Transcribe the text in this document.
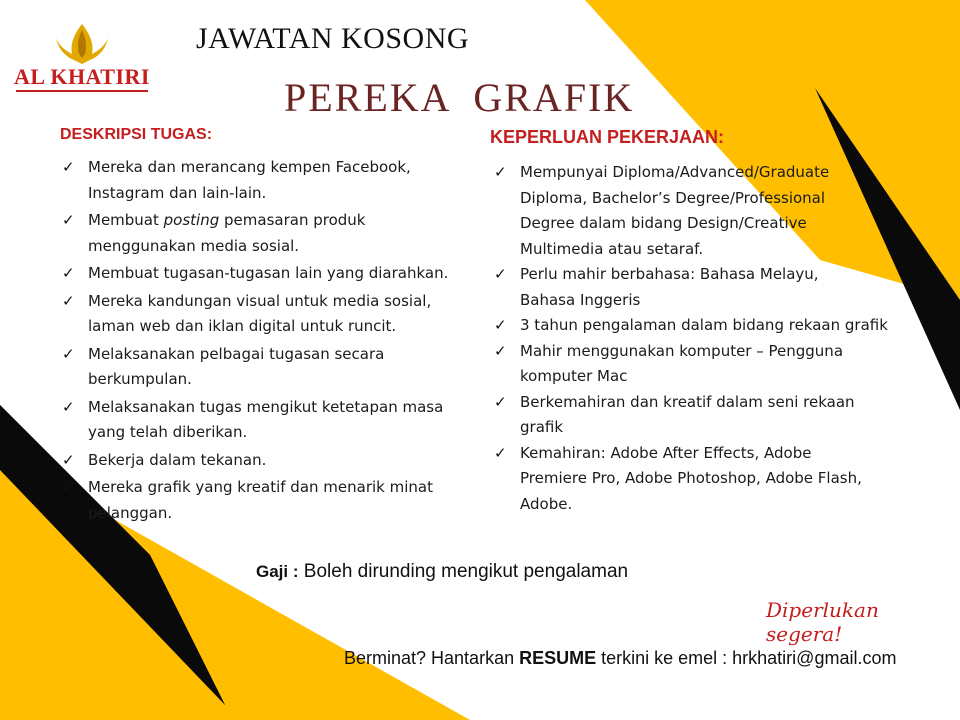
AL KHATIRI
JAWATAN KOSONG
PEREKA  GRAFIK
DESKRIPSI TUGAS:
✓ Mereka dan merancang kempen Facebook,
Instagram dan lain-lain.
✓ Membuat posting pemasaran produk
menggunakan media sosial.
✓ Membuat tugasan-tugasan lain yang diarahkan.
✓ Mereka kandungan visual untuk media sosial,
laman web dan iklan digital untuk runcit.
✓ Melaksanakan pelbagai tugasan secara
berkumpulan.
✓ Melaksanakan tugas mengikut ketetapan masa
yang telah diberikan.
✓ Bekerja dalam tekanan.
✓ Mereka grafik yang kreatif dan menarik minat
pelanggan.
KEPERLUAN PEKERJAAN:
✓ Mempunyai Diploma/Advanced/Graduate
Diploma, Bachelor’s Degree/Professional
Degree dalam bidang Design/Creative
Multimedia atau setaraf.
✓ Perlu mahir berbahasa: Bahasa Melayu,
Bahasa Inggeris
✓ 3 tahun pengalaman dalam bidang rekaan grafik
✓ Mahir menggunakan komputer – Pengguna
komputer Mac
✓ Berkemahiran dan kreatif dalam seni rekaan
grafik
✓ Kemahiran: Adobe After Effects, Adobe
Premiere Pro, Adobe Photoshop, Adobe Flash,
Adobe.
Gaji : Boleh dirunding mengikut pengalaman
Diperlukan segera!
Berminat? Hantarkan RESUME terkini ke emel : hrkhatiri@gmail.com
